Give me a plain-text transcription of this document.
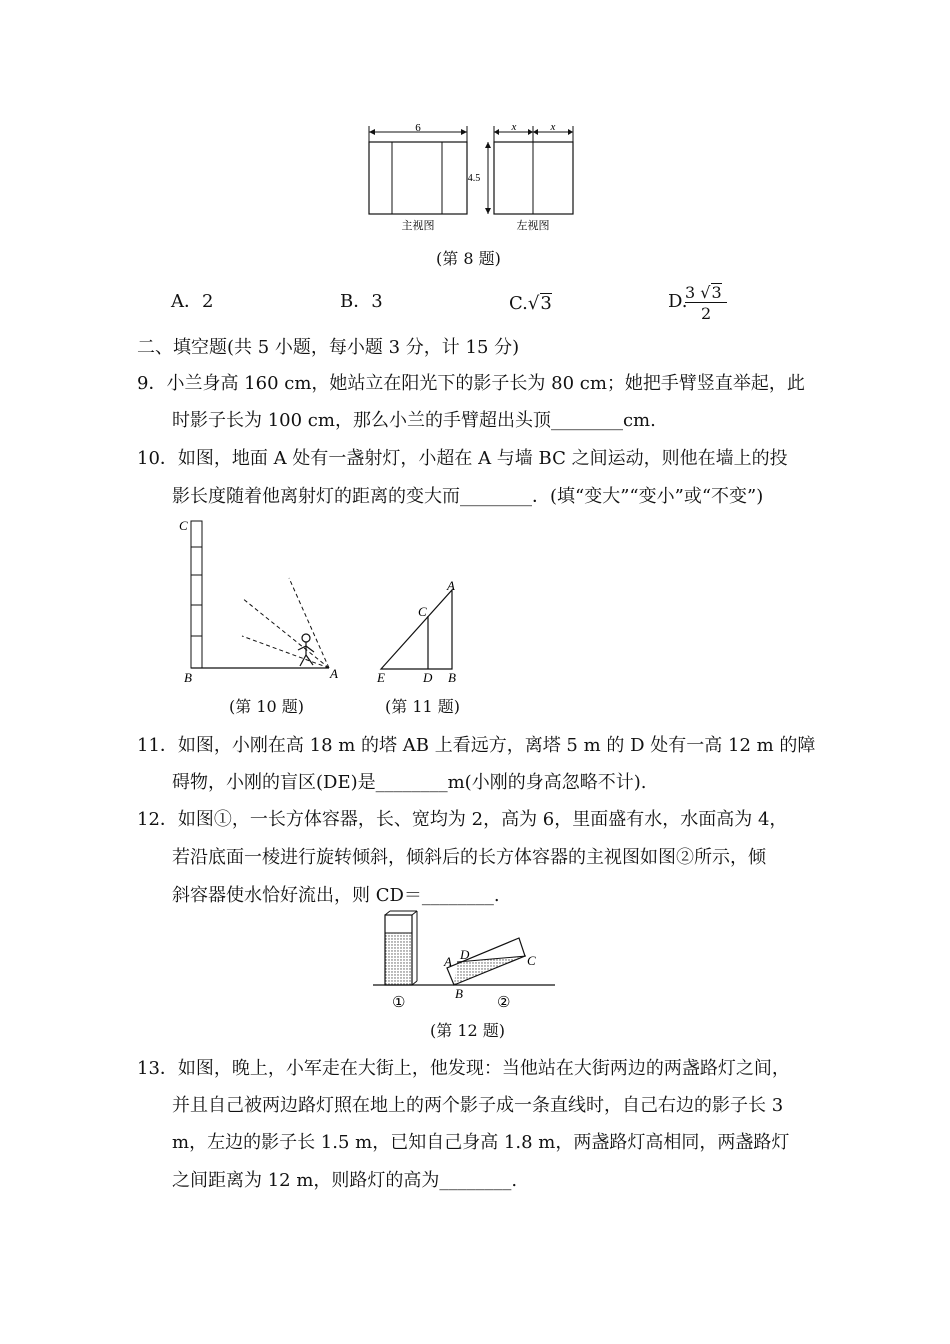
6
主视图
x	x
4.5
左视图
(第 8 题)
A．2	B．3	C.√3	D.
3 √3
2
二、填空题(共 5 小题，每小题 3 分，计 15 分)
9．小兰身高 160 cm，她站立在阳光下的影子长为 80 cm；她把手臂竖直举起，此
时影子长为 100 cm，那么小兰的手臂超出头顶________cm.
10．如图，地面 A 处有一盏射灯，小超在 A 与墙 BC 之间运动，则他在墙上的投
影长度随着他离射灯的距离的变大而________．(填“变大”“变小”或“不变”)
C
B	A
(第 10 题)
A
C
E	D B
(第 11 题)
11．如图，小刚在高 18 m 的塔 AB 上看远方，离塔 5 m 的 D 处有一高 12 m 的障
碍物，小刚的盲区(DE)是________m(小刚的身高忽略不计).
12．如图①，一长方体容器，长、宽均为 2，高为 6，里面盛有水，水面高为 4，
若沿底面一棱进行旋转倾斜，倾斜后的长方体容器的主视图如图②所示，倾
斜容器使水恰好流出，则 CD＝________.
A D	C
B
①	②
(第 12 题)
13．如图，晚上，小军走在大街上，他发现：当他站在大街两边的两盏路灯之间，
并且自己被两边路灯照在地上的两个影子成一条直线时，自己右边的影子长 3
m，左边的影子长 1.5 m，已知自己身高 1.8 m，两盏路灯高相同，两盏路灯
之间距离为 12 m，则路灯的高为________.
